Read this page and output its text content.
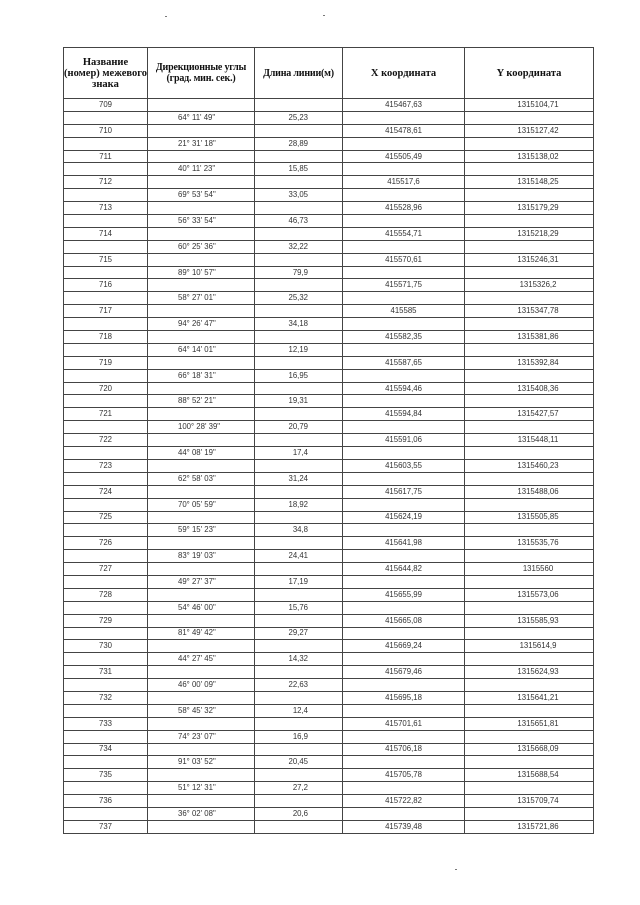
Название (номер) межевого знака	Дирекционные углы (град. мин. сек.)	Длина линии(м)	X координата	Y координата
709			415467,63	1315104,71
	64° 11' 49"	25,23		
710			415478,61	1315127,42
	21° 31' 18"	28,89		
711			415505,49	1315138,02
	40° 11' 23"	15,85		
712			415517,6	1315148,25
	69° 53' 54"	33,05		
713			415528,96	1315179,29
	56° 33' 54"	46,73		
714			415554,71	1315218,29
	60° 25' 36"	32,22		
715			415570,61	1315246,31
	89° 10' 57"	79,9		
716			415571,75	1315326,2
	58° 27' 01"	25,32		
717			415585	1315347,78
	94° 26' 47"	34,18		
718			415582,35	1315381,86
	64° 14' 01"	12,19		
719			415587,65	1315392,84
	66° 18' 31"	16,95		
720			415594,46	1315408,36
	88° 52' 21"	19,31		
721			415594,84	1315427,57
	100° 28' 39"	20,79		
722			415591,06	1315448,11
	44° 08' 19"	17,4		
723			415603,55	1315460,23
	62° 58' 03"	31,24		
724			415617,75	1315488,06
	70° 05' 59"	18,92		
725			415624,19	1315505,85
	59° 15' 23"	34,8		
726			415641,98	1315535,76
	83° 19' 03"	24,41		
727			415644,82	1315560
	49° 27' 37"	17,19		
728			415655,99	1315573,06
	54° 46' 00"	15,76		
729			415665,08	1315585,93
	81° 49' 42"	29,27		
730			415669,24	1315614,9
	44° 27' 45"	14,32		
731			415679,46	1315624,93
	46° 00' 09"	22,63		
732			415695,18	1315641,21
	58° 45' 32"	12,4		
733			415701,61	1315651,81
	74° 23' 07"	16,9		
734			415706,18	1315668,09
	91° 03' 52"	20,45		
735			415705,78	1315688,54
	51° 12' 31"	27,2		
736			415722,82	1315709,74
	36° 02' 08"	20,6		
737			415739,48	1315721,86
